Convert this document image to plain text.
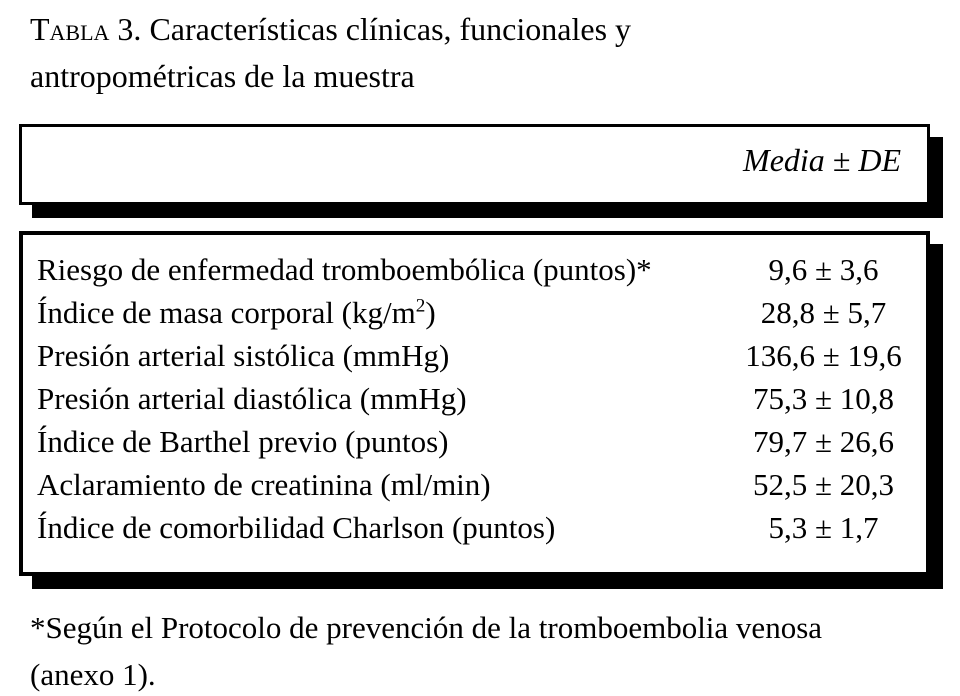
Tabla 3. Características clínicas, funcionales y
antropométricas de la muestra
Media ± DE
Riesgo de enfermedad tromboembólica (puntos)*	9,6 ± 3,6
Índice de masa corporal $(kg/m^2)$	28,8 ± 5,7
Presión arterial sistólica (mmHg)	136,6 ± 19,6
Presión arterial diastólica (mmHg)	75,3 ± 10,8
Índice de Barthel previo (puntos)	79,7 ± 26,6
Aclaramiento de creatinina (ml/min)	52,5 ± 20,3
Índice de comorbilidad Charlson (puntos)	5,3 ± 1,7
*Según el Protocolo de prevención de la tromboembolia venosa
(anexo 1).
